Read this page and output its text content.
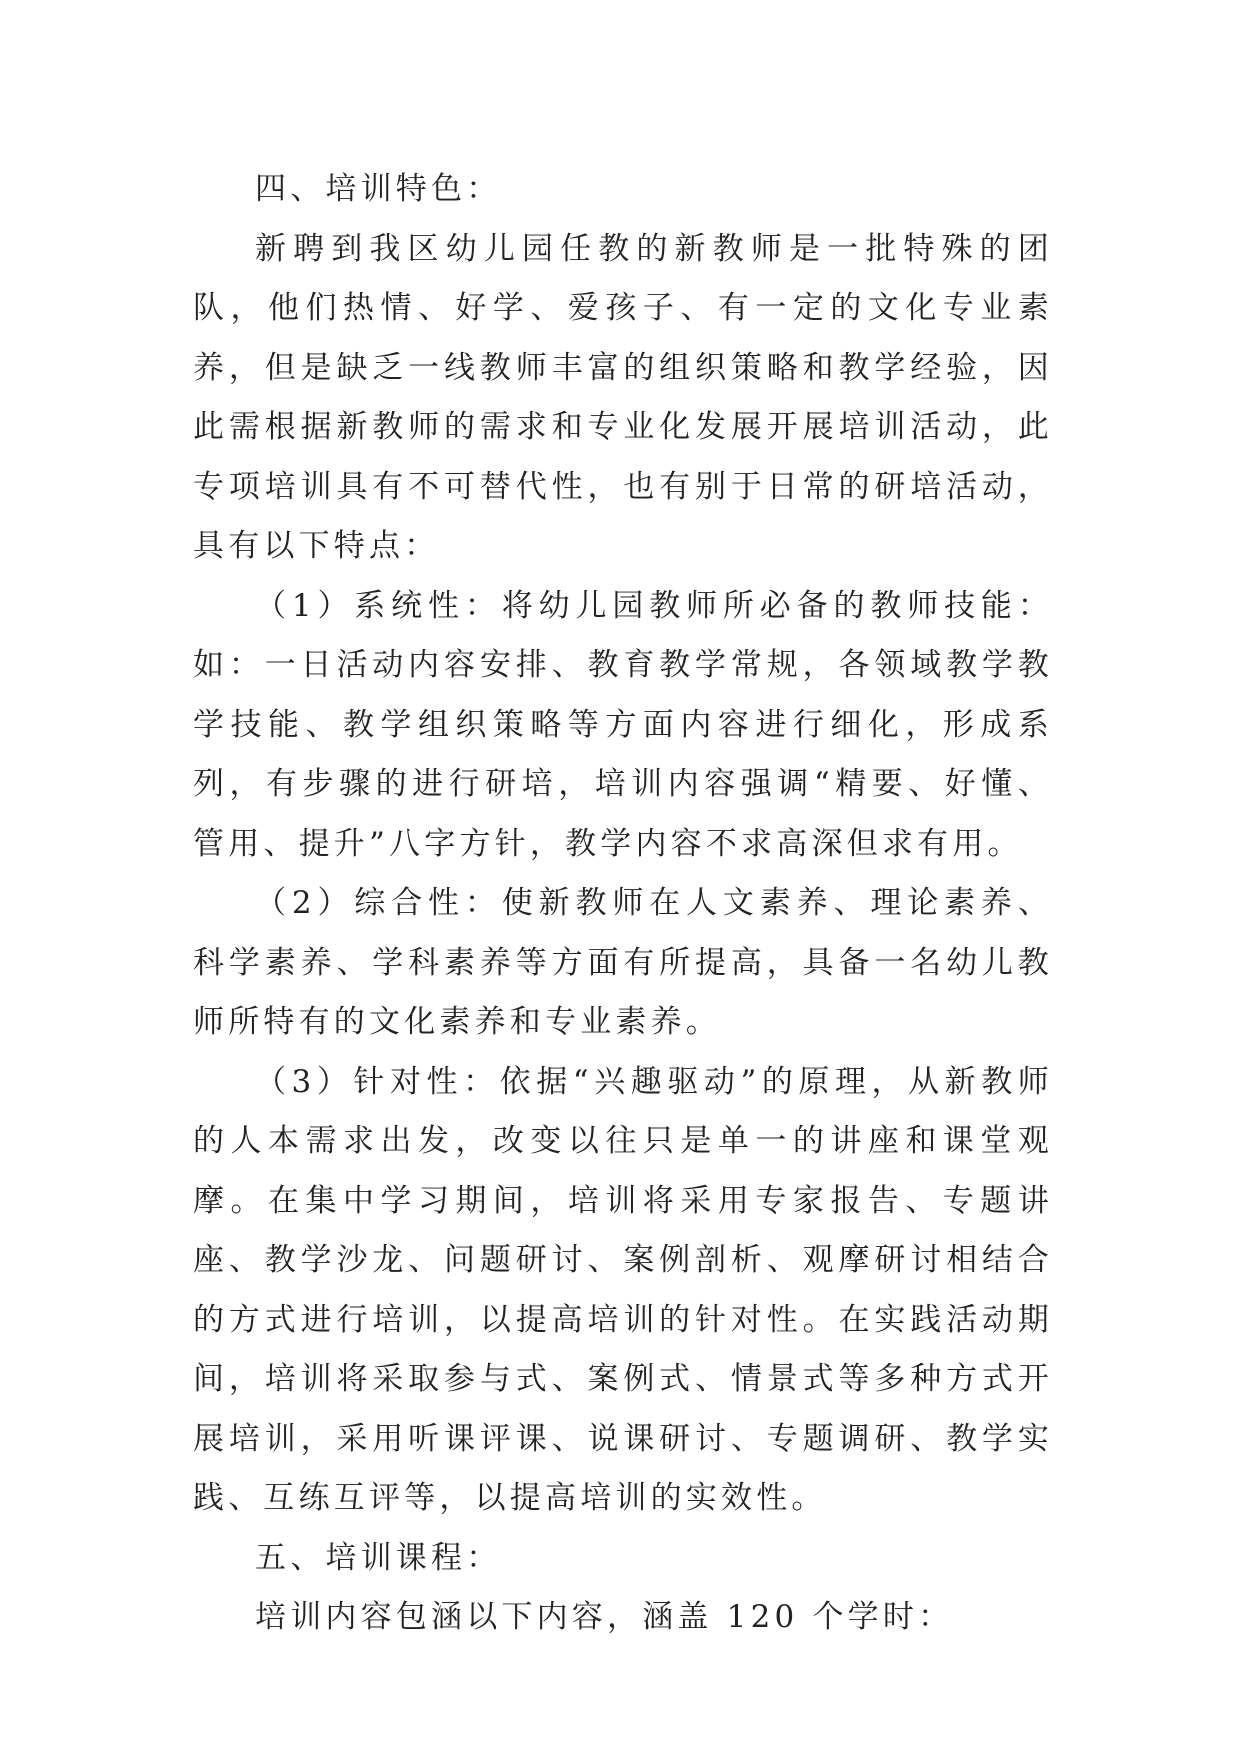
四、培训特色：

新聘到我区幼儿园任教的新教师是一批特殊的团队，他们热情、好学、爱孩子、有一定的文化专业素养，但是缺乏一线教师丰富的组织策略和教学经验，因此需根据新教师的需求和专业化发展开展培训活动，此专项培训具有不可替代性，也有别于日常的研培活动，具有以下特点：

（1）系统性：将幼儿园教师所必备的教师技能：如：一日活动内容安排、教育教学常规，各领域教学教学技能、教学组织策略等方面内容进行细化，形成系列，有步骤的进行研培，培训内容强调“精要、好懂、管用、提升”八字方针，教学内容不求高深但求有用。

（2）综合性：使新教师在人文素养、理论素养、科学素养、学科素养等方面有所提高，具备一名幼儿教师所特有的文化素养和专业素养。

（3）针对性：依据“兴趣驱动”的原理，从新教师的人本需求出发，改变以往只是单一的讲座和课堂观摩。在集中学习期间，培训将采用专家报告、专题讲座、教学沙龙、问题研讨、案例剖析、观摩研讨相结合的方式进行培训，以提高培训的针对性。在实践活动期间，培训将采取参与式、案例式、情景式等多种方式开展培训，采用听课评课、说课研讨、专题调研、教学实践、互练互评等，以提高培训的实效性。

五、培训课程：

培训内容包涵以下内容，涵盖 120 个学时：
